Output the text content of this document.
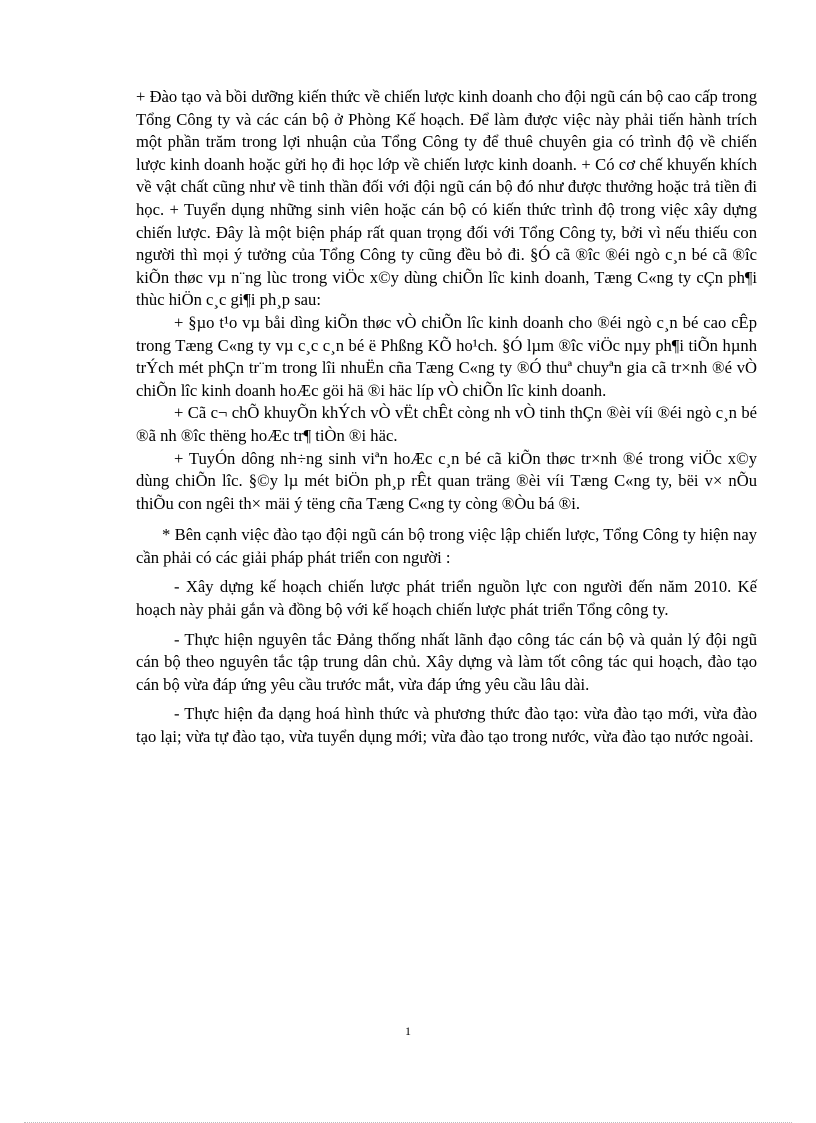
+ Đào tạo và bồi dưỡng kiến thức về chiến lược kinh doanh cho đội ngũ cán bộ cao cấp trong Tổng Công ty và các cán bộ ở Phòng Kế hoạch. Để làm được việc này phải tiến hành trích một phần trăm trong lợi nhuận của Tổng Công ty để thuê chuyên gia có trình độ về chiến lược kinh doanh hoặc gửi họ đi học lớp về chiến lược kinh doanh. + Có cơ chế khuyến khích về vật chất cũng như về tinh thần đối với đội ngũ cán bộ đó như được thưởng hoặc trả tiền đi học. + Tuyển dụng những sinh viên hoặc cán bộ có kiến thức trình độ trong việc xây dựng chiến lược. Đây là một biện pháp rất quan trọng đối với Tổng Công ty, bởi vì nếu thiếu con người thì mọi ý tưởng của Tổng Công ty cũng đều bỏ đi. §Ó cã ®îc ®éi ngò c¸n bé cã ®îc kiÕn thøc vµ n¨ng lùc trong viÖc x©y dùng chiÕn lîc kinh doanh, Tæng C«ng ty cÇn ph¶i thùc hiÖn c¸c gi¶i ph¸p sau:

+ §µo t¹o vµ båi dìng kiÕn thøc vÒ chiÕn lîc kinh doanh cho ®éi ngò c¸n bé cao cÊp trong Tæng C«ng ty vµ c¸c c¸n bé ë Phßng KÕ ho¹ch. §Ó lµm ®îc viÖc nµy ph¶i tiÕn hµnh trÝch mét phÇn tr¨m trong lîi nhuËn cña Tæng C«ng ty ®Ó thuª chuyªn gia cã tr×nh ®é vÒ chiÕn lîc kinh doanh hoÆc göi hä ®i häc líp vÒ chiÕn lîc kinh doanh.

+ Cã c¬ chÕ khuyÕn khÝch vÒ vËt chÊt còng nh vÒ tinh thÇn ®èi víi ®éi ngò c¸n bé ®ã nh ®îc thëng hoÆc tr¶ tiÒn ®i häc.

+ TuyÓn dông nh÷ng sinh viªn hoÆc c¸n bé cã kiÕn thøc tr×nh ®é trong viÖc x©y dùng chiÕn lîc. §©y lµ mét biÖn ph¸p rÊt quan träng ®èi víi Tæng C«ng ty, bëi v× nÕu thiÕu con ngêi th× mäi ý tëng cña Tæng C«ng ty còng ®Òu bá ®i.

* Bên cạnh việc đào tạo đội ngũ cán bộ trong việc lập chiến lược, Tổng Công ty hiện nay cần phải có các giải pháp phát triển con người :

- Xây dựng kế hoạch chiến lược phát triển nguồn lực con người đến năm 2010. Kế hoạch này phải gắn và đồng bộ với kế hoạch chiến lược phát triển Tổng công ty.

- Thực hiện nguyên tắc Đảng thống nhất lãnh đạo công tác cán bộ và quản lý đội ngũ cán bộ theo nguyên tắc tập trung dân chủ. Xây dựng và làm tốt công tác qui hoạch, đào tạo cán bộ vừa đáp ứng yêu cầu trước mắt, vừa đáp ứng yêu cầu lâu dài.

- Thực hiện đa dạng hoá hình thức và phương thức đào tạo: vừa đào tạo mới, vừa đào tạo lại; vừa tự đào tạo, vừa tuyển dụng mới; vừa đào tạo trong nước, vừa đào tạo nước ngoài.

1
